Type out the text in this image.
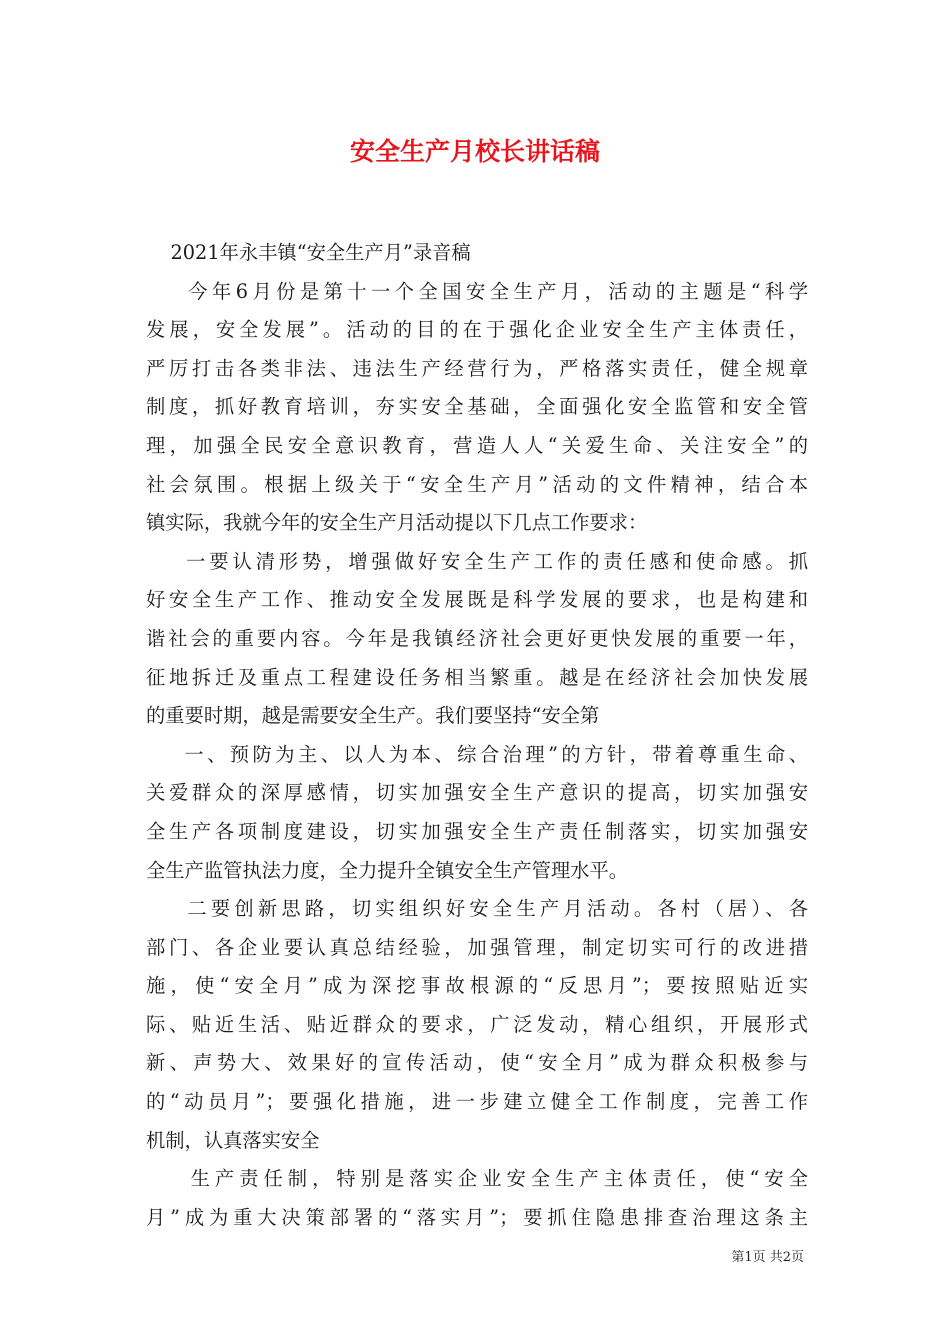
安全生产月校长讲话稿
2021年永丰镇“安全生产月”录音稿
今年6月份是第十一个全国安全生产月，活动的主题是“科学
发展，安全发展”。活动的目的在于强化企业安全生产主体责任，
严厉打击各类非法、违法生产经营行为，严格落实责任，健全规章
制度，抓好教育培训，夯实安全基础，全面强化安全监管和安全管
理，加强全民安全意识教育，营造人人“关爱生命、关注安全”的
社会氛围。根据上级关于“安全生产月”活动的文件精神，结合本
镇实际，我就今年的安全生产月活动提以下几点工作要求：
一要认清形势，增强做好安全生产工作的责任感和使命感。抓
好安全生产工作、推动安全发展既是科学发展的要求，也是构建和
谐社会的重要内容。今年是我镇经济社会更好更快发展的重要一年，
征地拆迁及重点工程建设任务相当繁重。越是在经济社会加快发展
的重要时期，越是需要安全生产。我们要坚持“安全第
一、预防为主、以人为本、综合治理”的方针，带着尊重生命、
关爱群众的深厚感情，切实加强安全生产意识的提高，切实加强安
全生产各项制度建设，切实加强安全生产责任制落实，切实加强安
全生产监管执法力度，全力提升全镇安全生产管理水平。
二要创新思路，切实组织好安全生产月活动。各村（居）、各
部门、各企业要认真总结经验，加强管理，制定切实可行的改进措
施，使“安全月”成为深挖事故根源的“反思月”；要按照贴近实
际、贴近生活、贴近群众的要求，广泛发动，精心组织，开展形式
新、声势大、效果好的宣传活动，使“安全月”成为群众积极参与
的“动员月”；要强化措施，进一步建立健全工作制度，完善工作
机制，认真落实安全
生产责任制，特别是落实企业安全生产主体责任，使“安全
月”成为重大决策部署的“落实月”；要抓住隐患排查治理这条主
第1页 共2页
